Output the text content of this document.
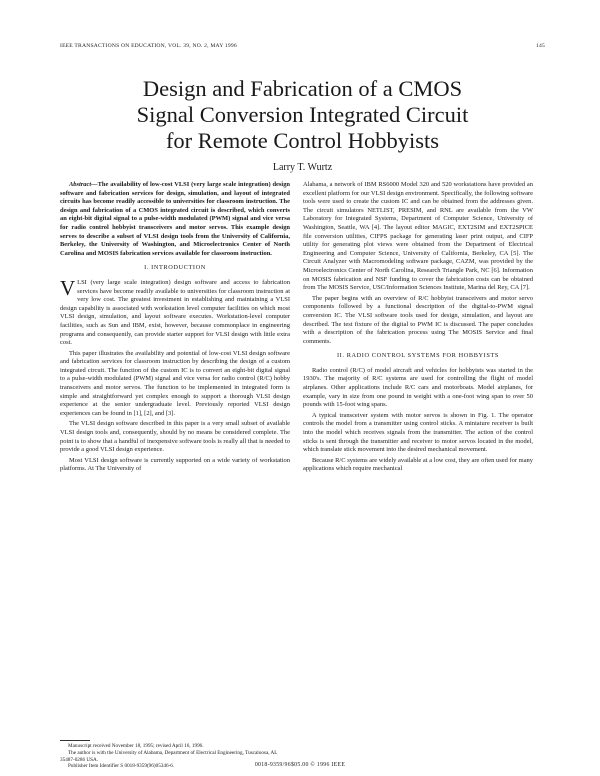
IEEE TRANSACTIONS ON EDUCATION, VOL. 39, NO. 2, MAY 1996	145
Design and Fabrication of a CMOS
Signal Conversion Integrated Circuit
for Remote Control Hobbyists
Larry T. Wurtz

Abstract—The availability of low-cost VLSI (very large scale integration) design software and fabrication services for design, simulation, and layout of integrated circuits has become readily accessible to universities for classroom instruction. The design and fabrication of a CMOS integrated circuit is described, which converts an eight-bit digital signal to a pulse-width modulated (PWM) signal and vice versa for radio control hobbyist transceivers and motor servos. This example design serves to describe a subset of VLSI design tools from the University of California, Berkeley, the University of Washington, and Microelectronics Center of North Carolina and MOSIS fabrication services available for classroom instruction.

I. INTRODUCTION

VLSI (very large scale integration) design software and access to fabrication services have become readily available to universities for classroom instruction at very low cost. The greatest investment in establishing and maintaining a VLSI design capability is associated with workstation level computer facilities on which most VLSI design, simulation, and layout software executes. Workstation-level computer facilities, such as Sun and IBM, exist, however, because commonplace in engineering programs and consequently, can provide starter support for VLSI design with little extra cost.

This paper illustrates the availability and potential of low-cost VLSI design software and fabrication services for classroom instruction by describing the design of a custom integrated circuit. The function of the custom IC is to convert an eight-bit digital signal to a pulse-width modulated (PWM) signal and vice versa for radio control (R/C) hobby transceivers and motor servos. The function to be implemented in integrated form is simple and straightforward yet complex enough to support a thorough VLSI design experience at the senior undergraduate level. Previously reported VLSI design experiences can be found in [1], [2], and [3].

The VLSI design software described in this paper is a very small subset of available VLSI design tools and, consequently, should by no means be considered complete. The point is to show that a handful of inexpensive software tools is really all that is needed to provide a good VLSI design experience.

Most VLSI design software is currently supported on a wide variety of workstation platforms. At The University of

Alabama, a network of IBM RS6000 Model 320 and 520 workstations have provided an excellent platform for our VLSI design environment. Specifically, the following software tools were used to create the custom IC and can be obtained from the addresses given. The circuit simulators NETLIST, PRESIM, and RNL are available from the VW Laboratory for Integrated Systems, Department of Computer Science, University of Washington, Seattle, WA [4]. The layout editor MAGIC, EXT2SIM and EXT2SPICE file conversion utilities, CIFPS package for generating laser print output, and CIFP utility for generating plot views were obtained from the Department of Electrical Engineering and Computer Science, University of California, Berkeley, CA [5]. The Circuit Analyzer with Macromodeling software package, CAZM, was provided by the Microelectronics Center of North Carolina, Research Triangle Park, NC [6]. Information on MOSIS fabrication and NSF funding to cover the fabrication costs can be obtained from The MOSIS Service, USC/Information Sciences Institute, Marina del Rey, CA [7].

The paper begins with an overview of R/C hobbyist transceivers and motor servo components followed by a functional description of the digital-to-PWM signal conversion IC. The VLSI software tools used for design, simulation, and layout are described. The test fixture of the digital to PWM IC is discussed. The paper concludes with a description of the fabrication process using The MOSIS Service and final comments.

II. RADIO CONTROL SYSTEMS FOR HOBBYISTS

Radio control (R/C) of model aircraft and vehicles for hobbyists was started in the 1930's. The majority of R/C systems are used for controlling the flight of model airplanes. Other applications include R/C cars and motorboats. Model airplanes, for example, vary in size from one pound in weight with a one-foot wing span to over 50 pounds with 15-foot wing spans.

A typical transceiver system with motor servos is shown in Fig. 1. The operator controls the model from a transmitter using control sticks. A miniature receiver is built into the model which receives signals from the transmitter. The action of the control sticks is sent through the transmitter and receiver to motor servos located in the model, which translate stick movement into the desired mechanical movement.

Because R/C systems are widely available at a low cost, they are often used for many applications which require mechanical

Manuscript received November 18, 1995; revised April 16, 1996.
The author is with the University of Alabama, Department of Electrical Engineering, Tuscaloosa, AL 35487-0286 USA.
Publisher Item Identifier S 0018-9359(96)05346-6.	0018-9359/96$05.00 © 1996 IEEE
